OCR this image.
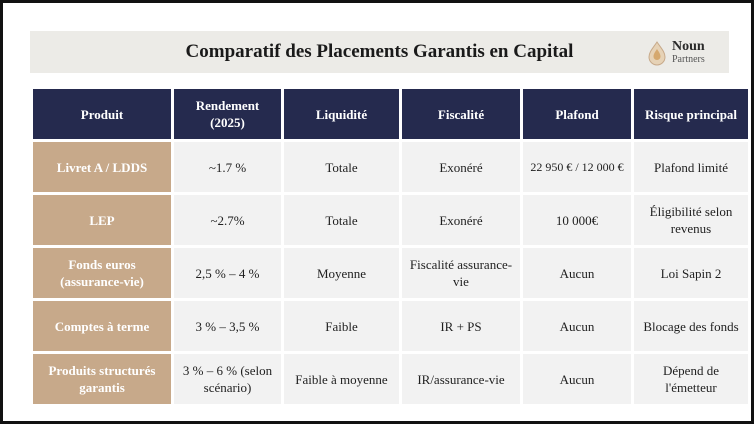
Comparatif des Placements Garantis en Capital	Noun
Partners
Produit	Rendement (2025)	Liquidité	Fiscalité	Plafond	Risque principal
Livret A / LDDS	~1.7 %	Totale	Exonéré	22 950 € / 12 000 €	Plafond limité
LEP	~2.7%	Totale	Exonéré	10 000€	Éligibilité selon revenus
Fonds euros (assurance-vie)	2,5 % – 4 %	Moyenne	Fiscalité assurance-vie	Aucun	Loi Sapin 2
Comptes à terme	3 % – 3,5 %	Faible	IR + PS	Aucun	Blocage des fonds
Produits structurés garantis	3 % – 6 % (selon scénario)	Faible à moyenne	IR/assurance-vie	Aucun	Dépend de l'émetteur
